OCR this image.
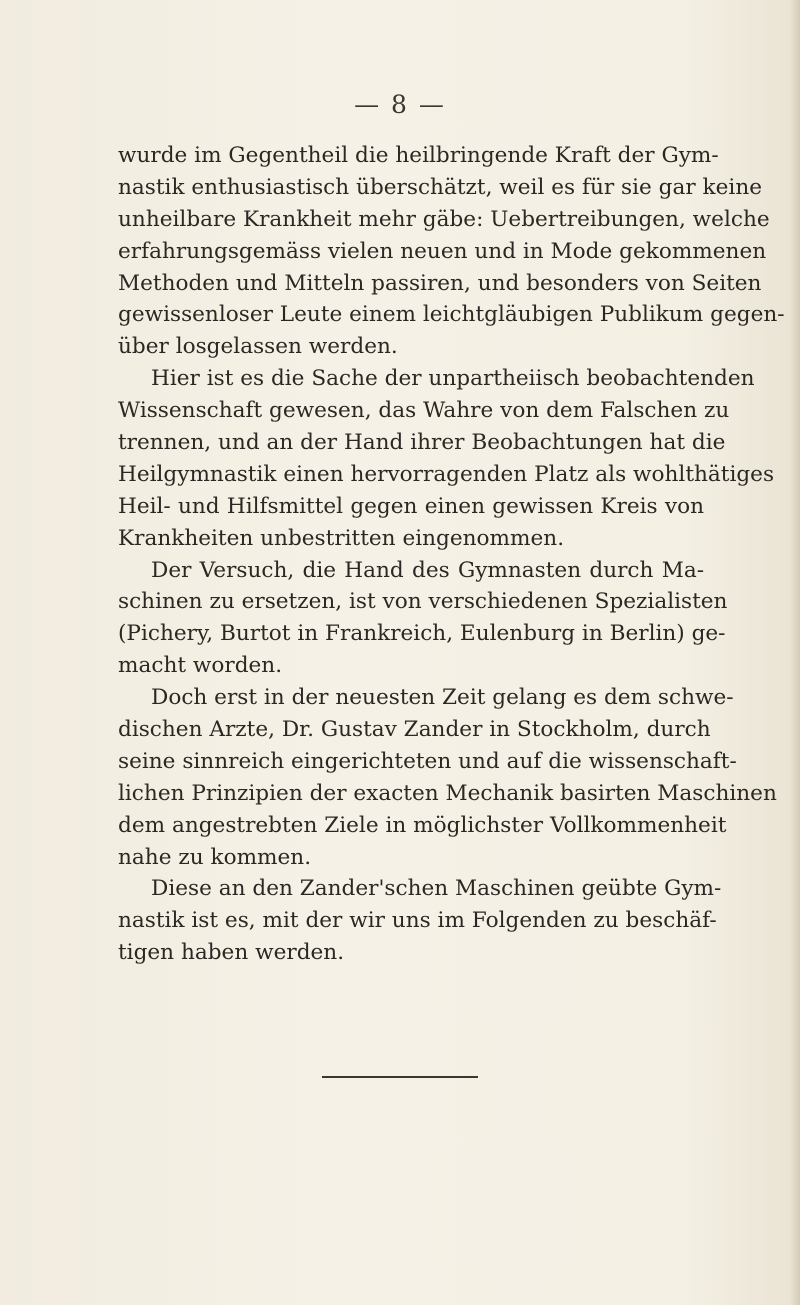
— 8 —
wurde im Gegentheil die heilbringende Kraft der Gym-
nastik enthusiastisch überschätzt, weil es für sie gar keine
unheilbare Krankheit mehr gäbe: Uebertreibungen, welche
erfahrungsgemäss vielen neuen und in Mode gekommenen
Methoden und Mitteln passiren, und besonders von Seiten
gewissenloser Leute einem leichtgläubigen Publikum gegen-
über losgelassen werden.
Hier ist es die Sache der unpartheiisch beobachtenden
Wissenschaft gewesen, das Wahre von dem Falschen zu
trennen, und an der Hand ihrer Beobachtungen hat die
Heilgymnastik einen hervorragenden Platz als wohlthätiges
Heil- und Hilfsmittel gegen einen gewissen Kreis von
Krankheiten unbestritten eingenommen.
Der Versuch, die Hand des Gymnasten durch Ma-
schinen zu ersetzen, ist von verschiedenen Spezialisten
(Pichery, Burtot in Frankreich, Eulenburg in Berlin) ge-
macht worden.
Doch erst in der neuesten Zeit gelang es dem schwe-
dischen Arzte, Dr. Gustav Zander in Stockholm, durch
seine sinnreich eingerichteten und auf die wissenschaft-
lichen Prinzipien der exacten Mechanik basirten Maschinen
dem angestrebten Ziele in möglichster Vollkommenheit
nahe zu kommen.
Diese an den Zander'schen Maschinen geübte Gym-
nastik ist es, mit der wir uns im Folgenden zu beschäf-
tigen haben werden.
